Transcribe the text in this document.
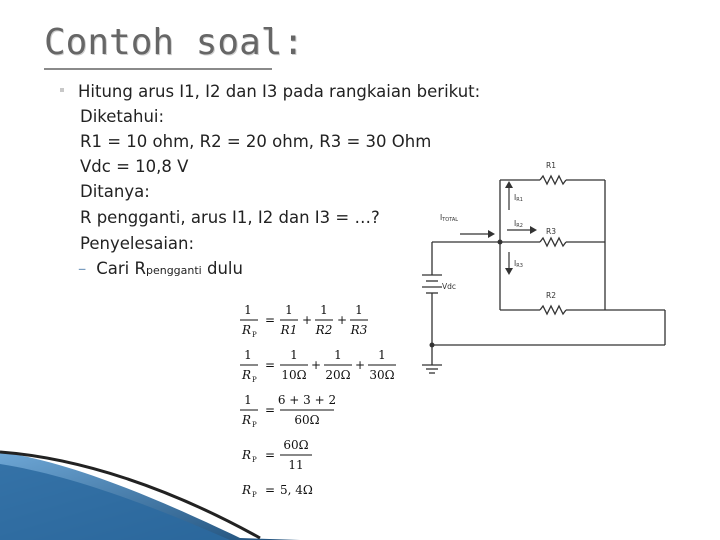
Contoh soal:
Hitung arus I1, I2 dan I3 pada rangkaian berikut:
Diketahui:
R1 = 10 ohm, R2 = 20 ohm, R3 = 30 Ohm
Vdc = 10,8 V
Ditanya:
R pengganti, arus I1, I2 dan I3 = …?
Penyelesaian:
– Cari Rpengganti dulu
R1
R3
R2
Vdc
ITOTAL
IR1
IR2
IR3
1
R P
=
1
R1
+
1
R2
+
1
R3
1
R P
=
1
10Ω
+
1
20Ω
+
1
30Ω
1
R P
=
6 + 3 + 2
60Ω
R P =
60Ω
11
R P = 5, 4Ω
